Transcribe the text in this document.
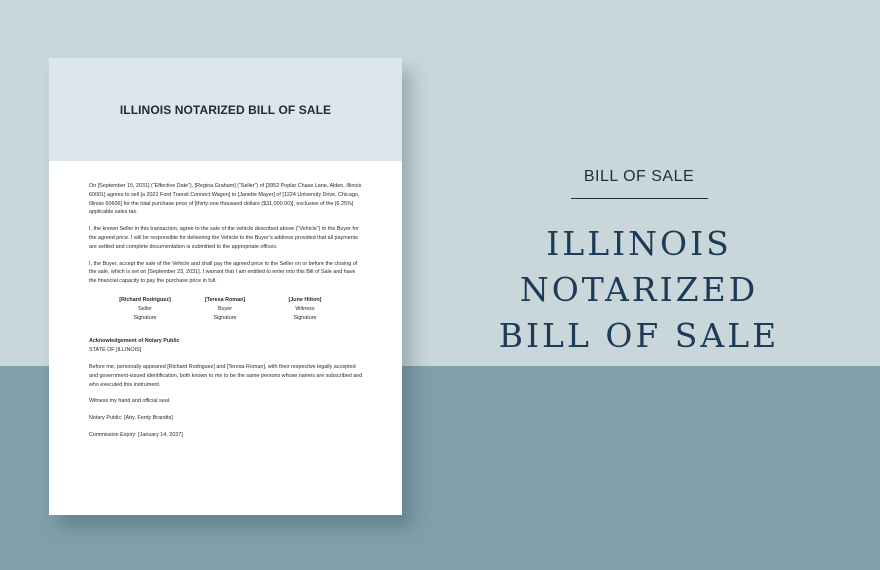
ILLINOIS NOTARIZED BILL OF SALE

On [September 15, 2031] (“Effective Date”), [Regina Graham] (“Seller”) of [3952 Poplar Chase Lane, Alden, Illinois 60001] agrees to sell [a 2021 Ford Transit Connect Wagon] to [Janette Mayer] of [1224 University Drive, Chicago, Illinois 60606] for the total purchase price of [thirty-one thousand dollars ($31,000.00)], exclusive of the [6.25%] applicable sales tax.

I, the known Seller in this transaction, agree to the sale of the vehicle described above (“Vehicle”) to the Buyer for the agreed price. I will be responsible for delivering the Vehicle to the Buyer’s address provided that all payments are settled and complete documentation is submitted to the appropriate offices.

I, the Buyer, accept the sale of the Vehicle and shall pay the agreed price to the Seller on or before the closing of the sale, which is set on [September 23, 2031]. I warrant that I am entitled to enter into this Bill of Sale and have the financial capacity to pay the purchase price in full.

[Richard Rodriguez]
Seller
Signature
[Teresa Roman]
Buyer
Signature
[June Hilton]
Witness
Signature
Acknowledgement of Notary Public

STATE OF [ILLINOIS]

Before me, personally appeared [Richard Rodriguez] and [Teresa Roman], with their respective legally accepted and government-issued identification, both known to me to be the same persons whose names are subscribed and who executed this instrument.

Witness my hand and official seal.

Notary Public: [Atty. Ferdy Brandts]

Commission Expiry: [January 14, 2037]

BILL OF SALE
ILLINOIS NOTARIZED
BILL OF SALE
